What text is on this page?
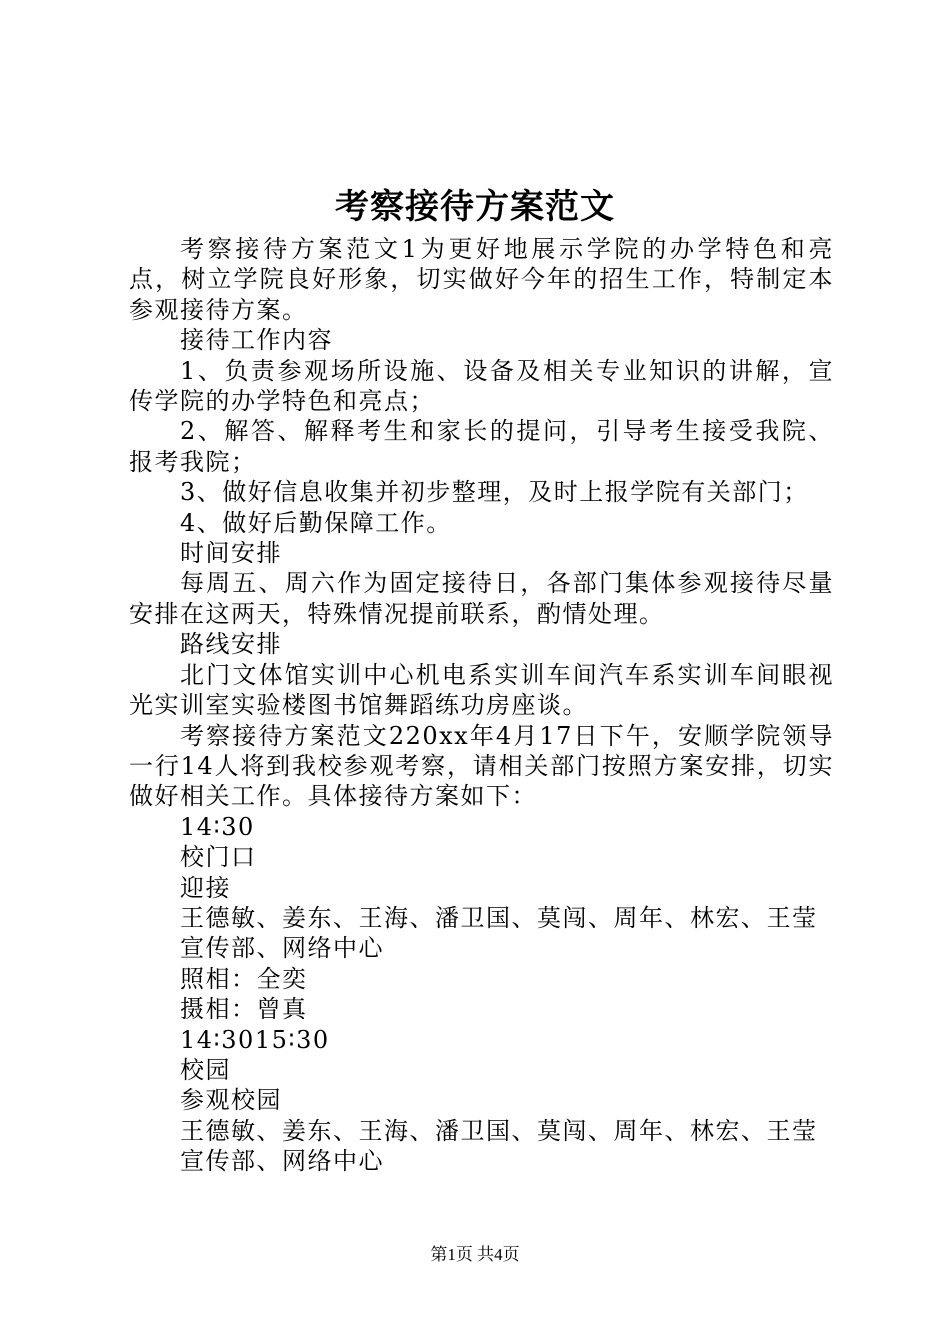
考察接待方案范文

考察接待方案范文1为更好地展示学院的办学特色和亮点，树立学院良好形象，切实做好今年的招生工作，特制定本参观接待方案。

接待工作内容

1、负责参观场所设施、设备及相关专业知识的讲解，宣传学院的办学特色和亮点；

2、解答、解释考生和家长的提问，引导考生接受我院、报考我院；

3、做好信息收集并初步整理，及时上报学院有关部门；

4、做好后勤保障工作。

时间安排

每周五、周六作为固定接待日，各部门集体参观接待尽量安排在这两天，特殊情况提前联系，酌情处理。

路线安排

北门文体馆实训中心机电系实训车间汽车系实训车间眼视光实训室实验楼图书馆舞蹈练功房座谈。

考察接待方案范文220xx年4月17日下午，安顺学院领导一行14人将到我校参观考察，请相关部门按照方案安排，切实做好相关工作。具体接待方案如下：

14∶30

校门口

迎接

王德敏、姜东、王海、潘卫国、莫闯、周年、林宏、王莹

宣传部、网络中心

照相：全奕

摄相：曾真

14∶3015∶30

校园

参观校园

王德敏、姜东、王海、潘卫国、莫闯、周年、林宏、王莹

宣传部、网络中心

第1页 共4页
